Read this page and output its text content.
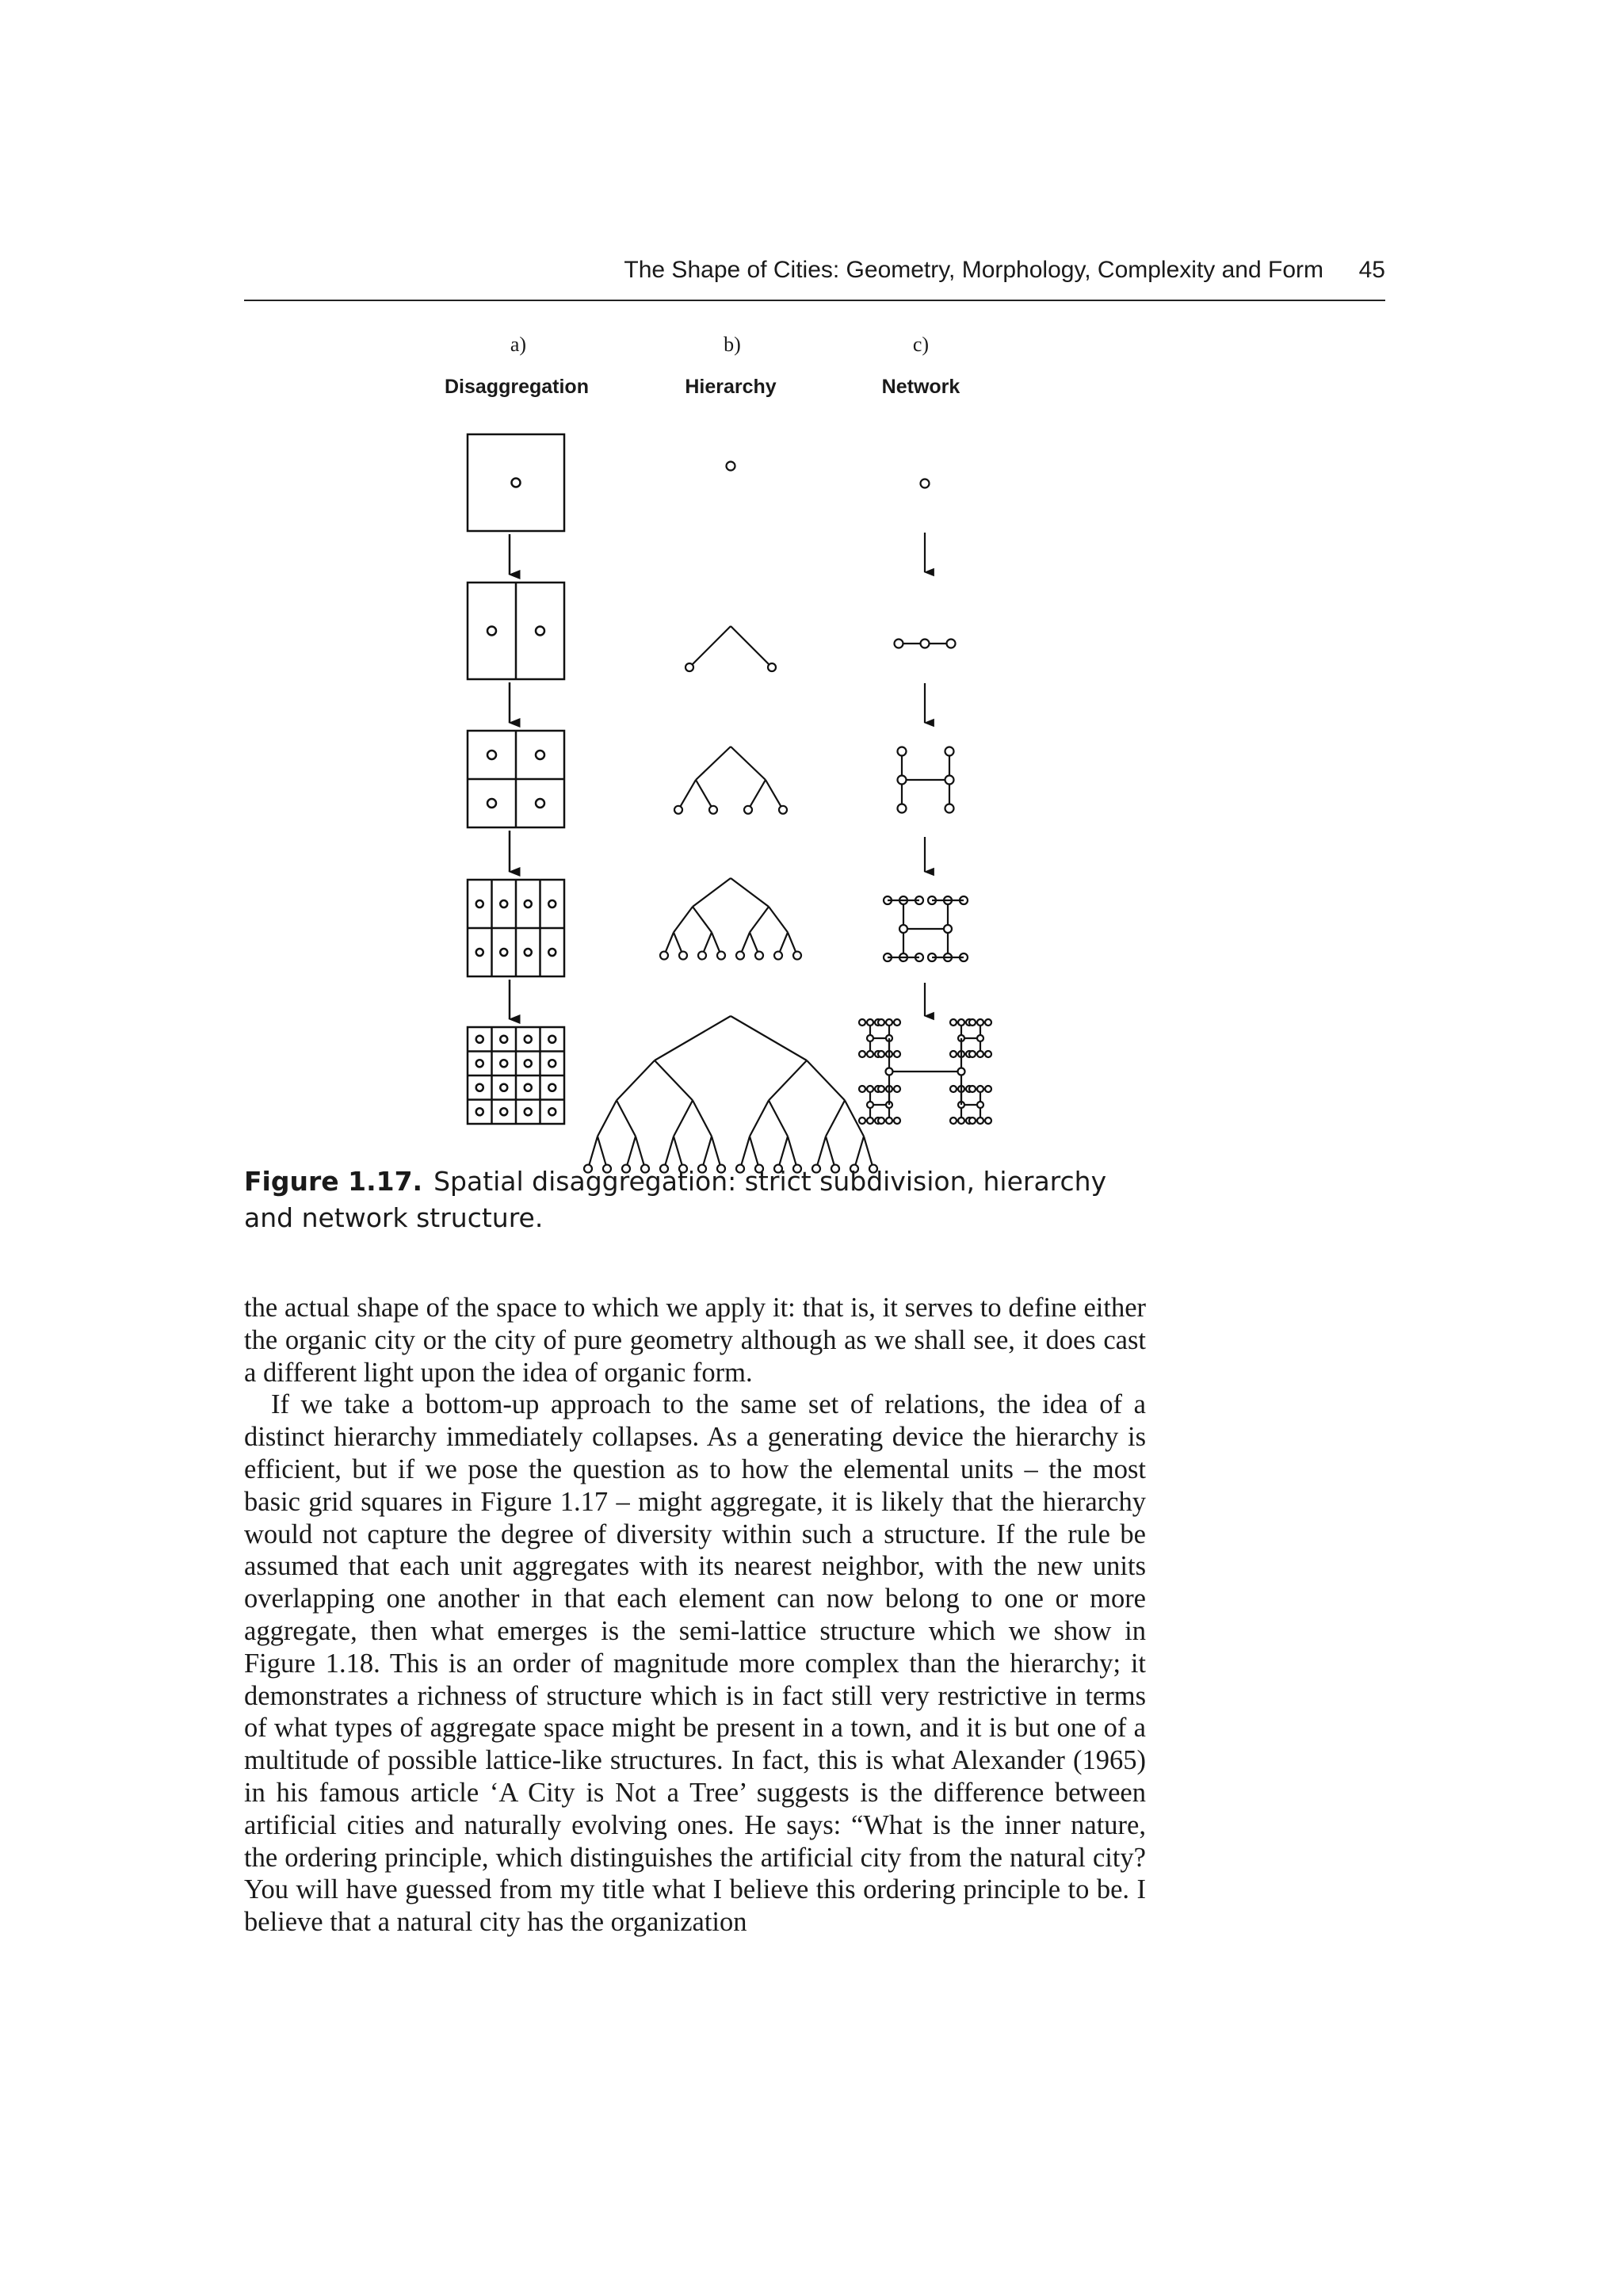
The Shape of Cities: Geometry, Morphology, Complexity and Form 45
a)	b)	c)
Disaggregation	Hierarchy	Network
Figure 1.17. Spatial disaggregation: strict subdivision, hierarchy and network structure.

the actual shape of the space to which we apply it: that is, it serves to define either the organic city or the city of pure geometry although as we shall see, it does cast a different light upon the idea of organic form.

If we take a bottom-up approach to the same set of relations, the idea of a distinct hierarchy immediately collapses. As a generating device the hierarchy is efficient, but if we pose the question as to how the elemental units – the most basic grid squares in Figure 1.17 – might aggregate, it is likely that the hierarchy would not capture the degree of diversity within such a structure. If the rule be assumed that each unit aggregates with its nearest neighbor, with the new units overlapping one another in that each element can now belong to one or more aggregate, then what emerges is the semi-lattice structure which we show in Figure 1.18. This is an order of magnitude more complex than the hierarchy; it demonstrates a richness of structure which is in fact still very restrictive in terms of what types of aggregate space might be present in a town, and it is but one of a multitude of possible lattice-like structures. In fact, this is what Alexander (1965) in his famous article ‘A City is Not a Tree’ suggests is the difference between artificial cities and naturally evolving ones. He says: “What is the inner nature, the ordering principle, which distinguishes the artificial city from the natural city? You will have guessed from my title what I believe this ordering principle to be. I believe that a natural city has the organization
